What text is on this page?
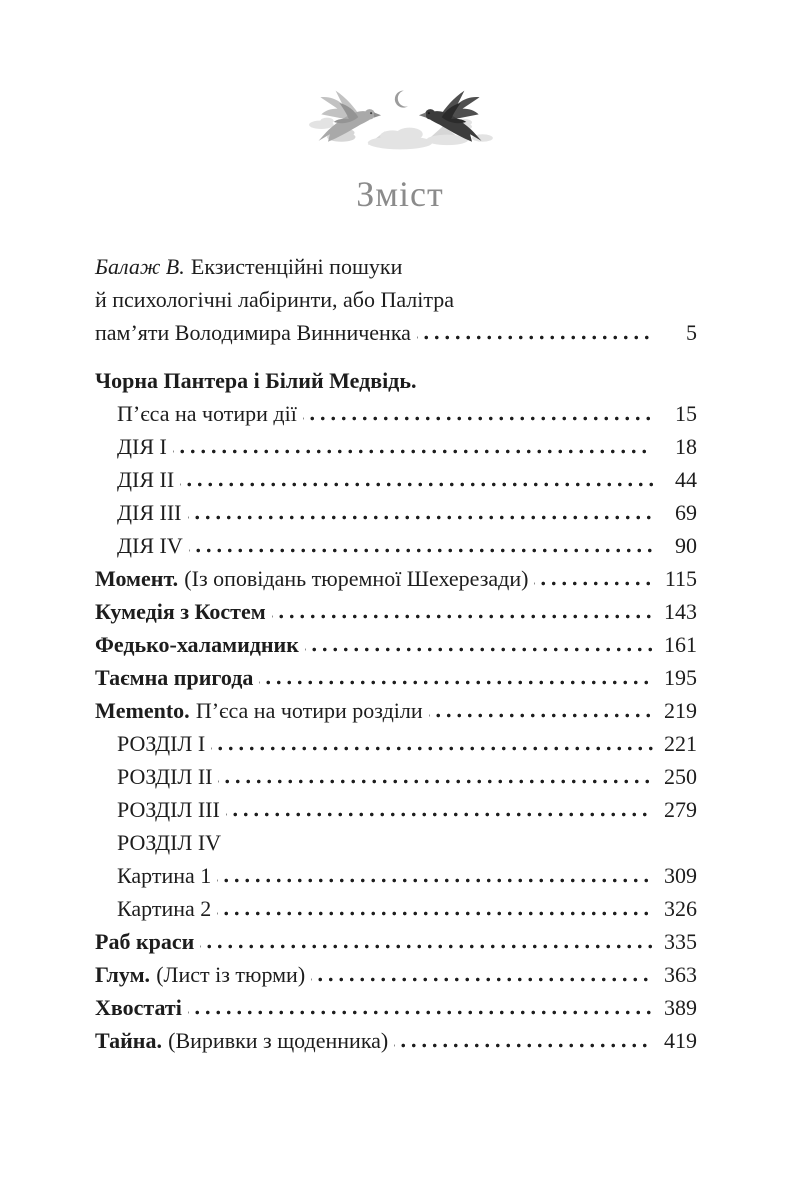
Зміст
Балаж В. Екзистенційні пошуки
й психологічні лабіринти, або Палітра
пам’яти Володимира Винниченка	5
Чорна Пантера і Білий Медвідь.
П’єса на чотири дії	15
ДІЯ I	18
ДІЯ II	44
ДІЯ III	69
ДІЯ IV	90
Момент. (Із оповідань тюремної Шехерезади)	115
Кумедія з Костем	143
Федько-халамидник	161
Таємна пригода	195
Memento. П’єса на чотири розділи	219
РОЗДІЛ I	221
РОЗДІЛ II	250
РОЗДІЛ III	279
РОЗДІЛ IV
Картина 1	309
Картина 2	326
Раб краси	335
Глум. (Лист із тюрми)	363
Хвостаті	389
Тайна. (Виривки з щоденника)	419
